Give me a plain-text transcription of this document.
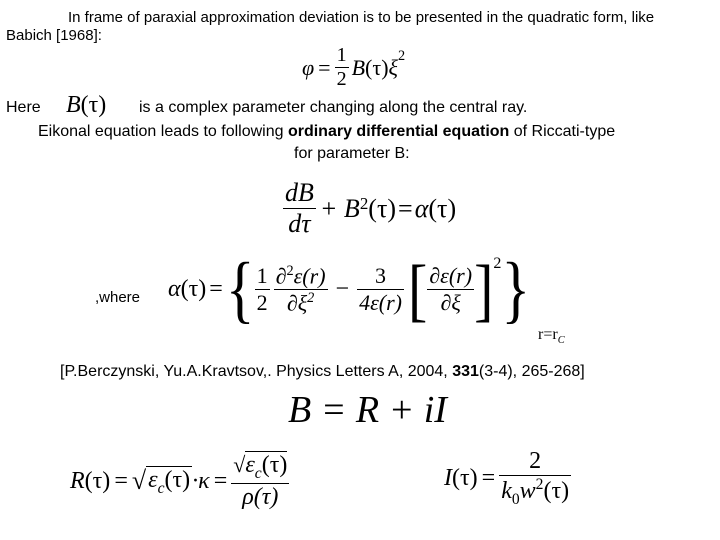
In frame of paraxial approximation deviation is to be presented in the quadratic form, like
Babich [1968]:
$\varphi = \frac{1}{2}$ B (τ) $\xi^2$
Here B (τ) is a complex parameter changing along the central ray.
Eikonal equation leads to following ordinary differential equation of Riccati-type
for parameter B:
$\frac{dB}{d\tau} + B$ 2 (τ) = α (τ)
,where α (τ) = { $\frac{1}{2} \frac{\partial^2\varepsilon(r)}{\partial\xi^2} - \frac{3}{4\varepsilon(r)}$ [ $\frac{\partial\varepsilon(r)}{\partial\xi} ]^2$ }
$r=r_C$
[P.Berczynski, Yu.A.Kravtsov,. Physics Letters A, 2004, 331(3-4), 265-268]
B = R + iI
R (τ) = √ $\varepsilon_c(\tau) \cdot\kappa = \frac{√\varepsilon_c(\tau)}{\rho(\tau)}$	I $(\tau) = \frac{2}{k_0w^2(\tau)}$
